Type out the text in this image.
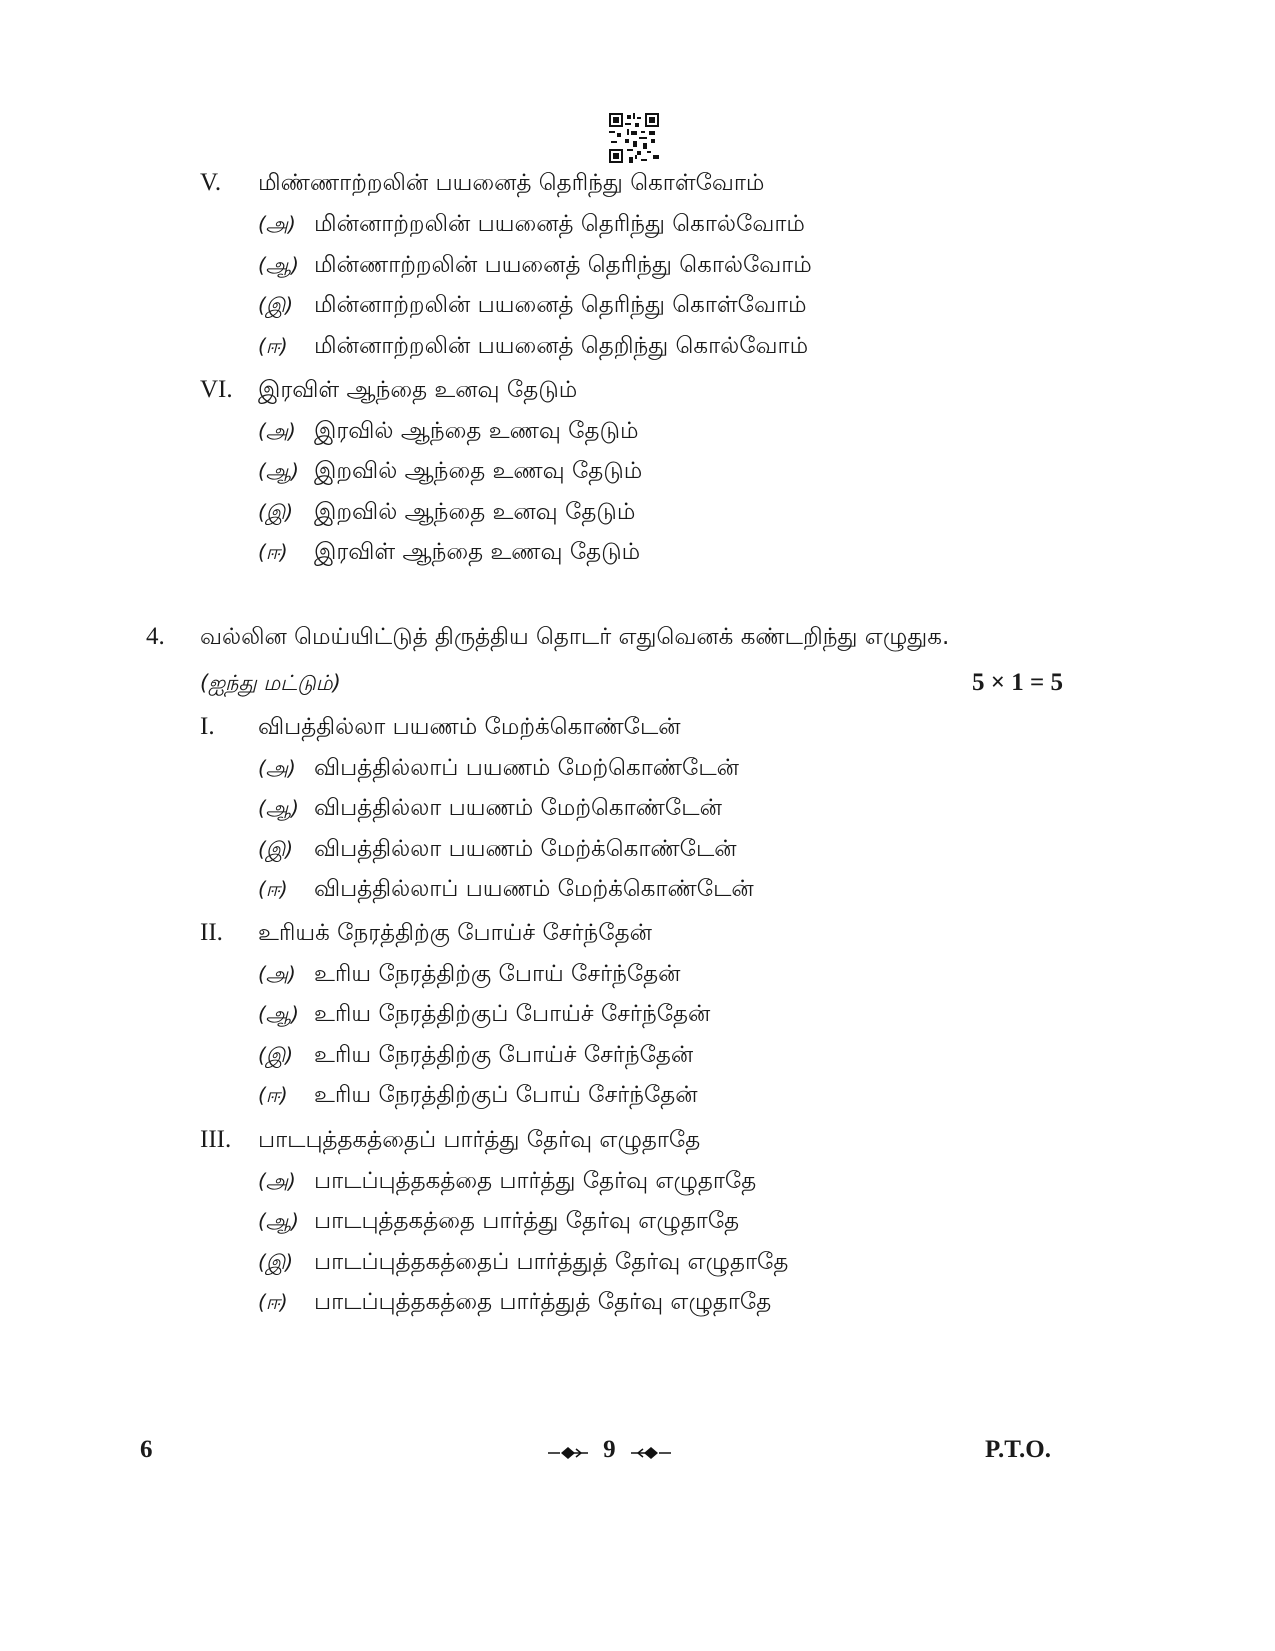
V. மிண்ணாற்றலின் பயனைத் தெரிந்து கொள்வோம்
(அ) மின்னாற்றலின் பயனைத் தெரிந்து கொல்வோம்
(ஆ) மின்ணாற்றலின் பயனைத் தெரிந்து கொல்வோம்
(இ) மின்னாற்றலின் பயனைத் தெரிந்து கொள்வோம்
(ஈ) மின்னாற்றலின் பயனைத் தெறிந்து கொல்வோம்
VI. இரவிள் ஆந்தை உனவு தேடும்
(அ) இரவில் ஆந்தை உணவு தேடும்
(ஆ) இறவில் ஆந்தை உணவு தேடும்
(இ) இறவில் ஆந்தை உனவு தேடும்
(ஈ) இரவிள் ஆந்தை உணவு தேடும்
4. வல்லின மெய்யிட்டுத் திருத்திய தொடர் எதுவெனக் கண்டறிந்து எழுதுக.
(ஐந்து மட்டும்)	5 × 1 = 5
I. விபத்தில்லா பயணம் மேற்க்கொண்டேன்
(அ) விபத்தில்லாப் பயணம் மேற்கொண்டேன்
(ஆ) விபத்தில்லா பயணம் மேற்கொண்டேன்
(இ) விபத்தில்லா பயணம் மேற்க்கொண்டேன்
(ஈ) விபத்தில்லாப் பயணம் மேற்க்கொண்டேன்
II. உரியக் நேரத்திற்கு போய்ச் சேர்ந்தேன்
(அ) உரிய நேரத்திற்கு போய் சேர்ந்தேன்
(ஆ) உரிய நேரத்திற்குப் போய்ச் சேர்ந்தேன்
(இ) உரிய நேரத்திற்கு போய்ச் சேர்ந்தேன்
(ஈ) உரிய நேரத்திற்குப் போய் சேர்ந்தேன்
III. பாடபுத்தகத்தைப் பார்த்து தேர்வு எழுதாதே
(அ) பாடப்புத்தகத்தை பார்த்து தேர்வு எழுதாதே
(ஆ) பாடபுத்தகத்தை பார்த்து தேர்வு எழுதாதே
(இ) பாடப்புத்தகத்தைப் பார்த்துத் தேர்வு எழுதாதே
(ஈ) பாடப்புத்தகத்தை பார்த்துத் தேர்வு எழுதாதே
6	9	P.T.O.
